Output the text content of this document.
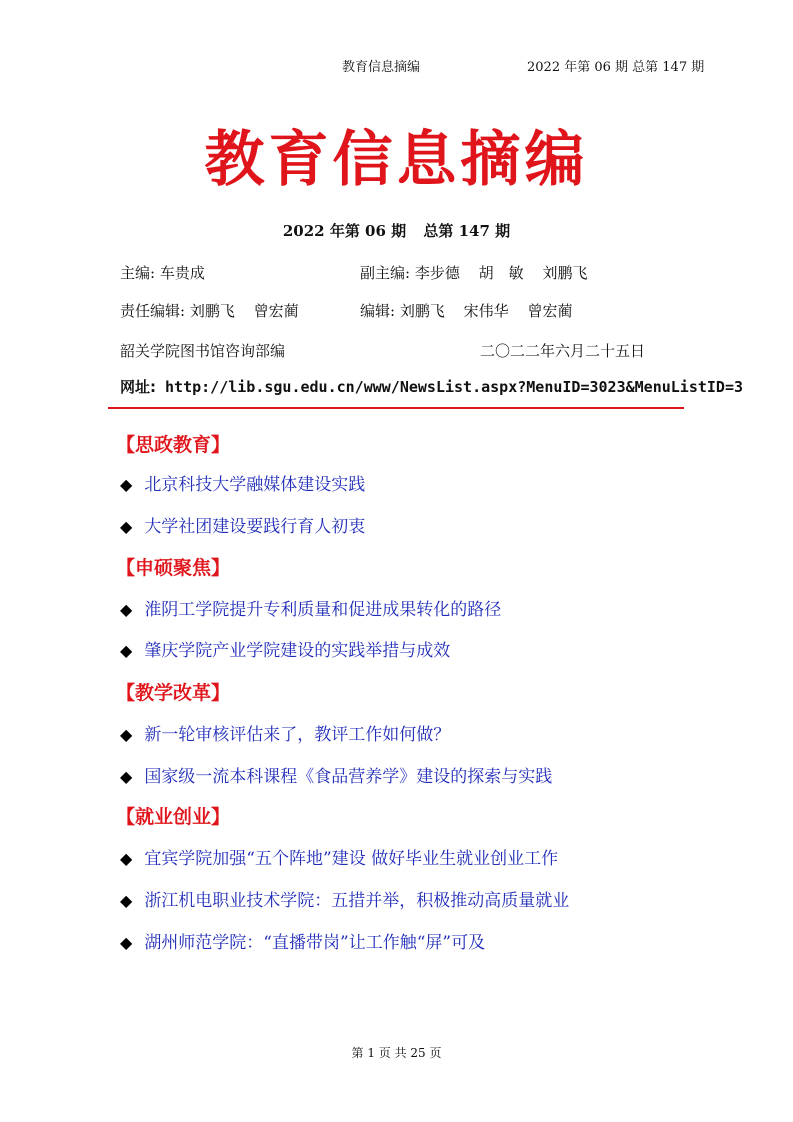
教育信息摘编	2022 年第 06 期 总第 147 期
教育信息摘编
2022 年第 06 期 总第 147 期
主编: 车贵成	副主编: 李步德 胡　敏 刘鹏飞
责任编辑: 刘鹏飞 曾宏蔺	编辑: 刘鹏飞 宋伟华 曾宏蔺
韶关学院图书馆咨询部编	二〇二二年六月二十五日
网址: http://lib.sgu.edu.cn/www/NewsList.aspx?MenuID=3023&MenuListID=3
【思政教育】
◆ 北京科技大学融媒体建设实践
◆ 大学社团建设要践行育人初衷
【申硕聚焦】
◆ 淮阴工学院提升专利质量和促进成果转化的路径
◆ 肇庆学院产业学院建设的实践举措与成效
【教学改革】
◆ 新一轮审核评估来了，教评工作如何做？
◆ 国家级一流本科课程《食品营养学》建设的探索与实践
【就业创业】
◆ 宜宾学院加强“五个阵地”建设 做好毕业生就业创业工作
◆ 浙江机电职业技术学院：五措并举，积极推动高质量就业
◆ 湖州师范学院：“直播带岗”让工作触“屏”可及
第 1 页 共 25 页
